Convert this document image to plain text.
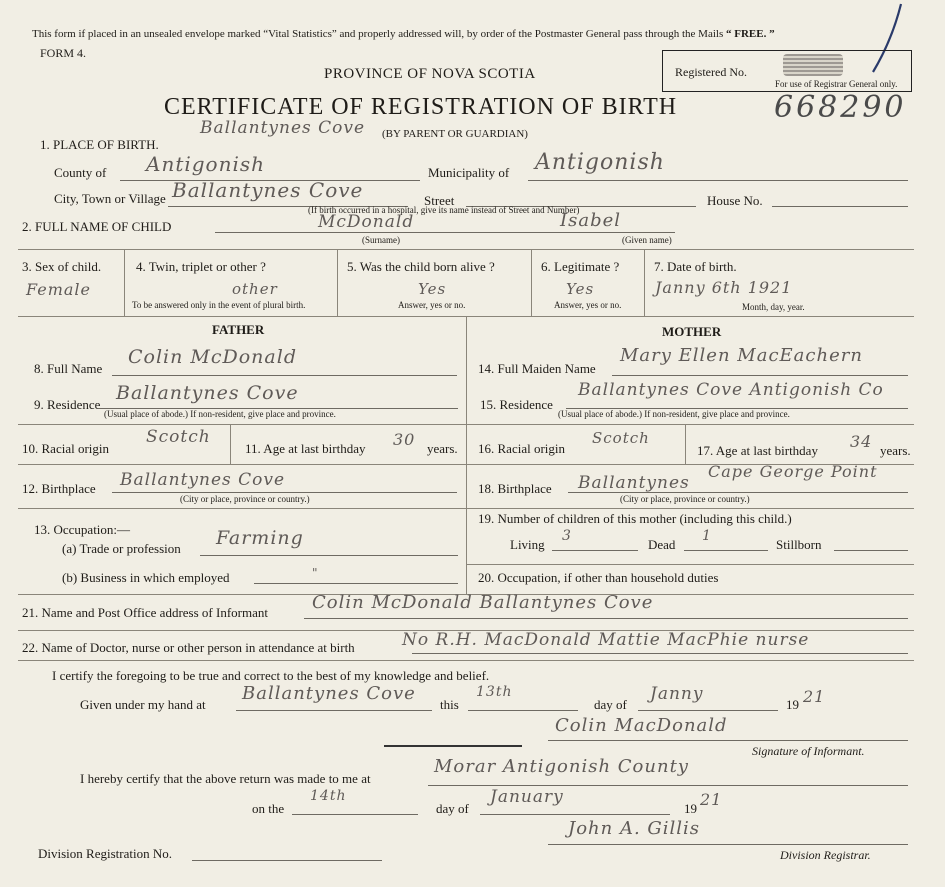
This form if placed in an unsealed envelope marked “Vital Statistics” and properly addressed will, by order of the Postmaster General pass through the Mails “ FREE. ”
FORM 4.
PROVINCE OF NOVA SCOTIA	Registered No.
For use of Registrar General only.
CERTIFICATE OF REGISTRATION OF BIRTH	668290
1. PLACE OF BIRTH.
Ballantynes Cove (BY PARENT OR GUARDIAN)
County of Antigonish	Municipality of Antigonish
City, Town or Village Ballantynes Cove	Street	House No.
(If birth occurred in a hospital, give its name instead of Street and Number)
2. FULL NAME OF CHILD	McDonald	Isabel
(Surname)	(Given name)
3. Sex of child.
Female
4. Twin, triplet or other ?
other
To be answered only in the event of plural birth.
5. Was the child born alive ?
Yes
Answer, yes or no.
6. Legitimate ?
Yes
Answer, yes or no.
7. Date of birth.
Janny 6th 1921
Month, day, year.
FATHER	MOTHER
8. Full Name
Colin McDonald
9. Residence
Ballantynes Cove
(Usual place of abode.) If non-resident, give place and province.
10. Racial origin
Scotch
11. Age at last birthday 30 years.
12. Birthplace Ballantynes Cove
(City or place, province or country.)
13. Occupation:—
(a) Trade or profession Farming
(b) Business in which employed	"
14. Full Maiden Name
Mary Ellen MacEachern
15. Residence
Ballantynes Cove Antigonish Co
(Usual place of abode.) If non-resident, give place and province.
16. Racial origin
Scotch
17. Age at last birthday 34 years.
Cape George Point
18. Birthplace Ballantynes
(City or place, province or country.)
19. Number of children of this mother (including this child.)
Living
3
Dead
1
Stillborn
20. Occupation, if other than household duties
21. Name and Post Office address of Informant Colin McDonald Ballantynes Cove
22. Name of Doctor, nurse or other person in attendance at birth	No R.H. MacDonald Mattie MacPhie nurse
I certify the foregoing to be true and correct to the best of my knowledge and belief.
Given under my hand at
Ballantynes Cove
this
13th
day of
Janny
19 21
Colin MacDonald
Signature of Informant.
I hereby certify that the above return was made to me at
Morar Antigonish County
on the
14th
day of
January
19 21
John A. Gillis
Division Registration No.	Division Registrar.
